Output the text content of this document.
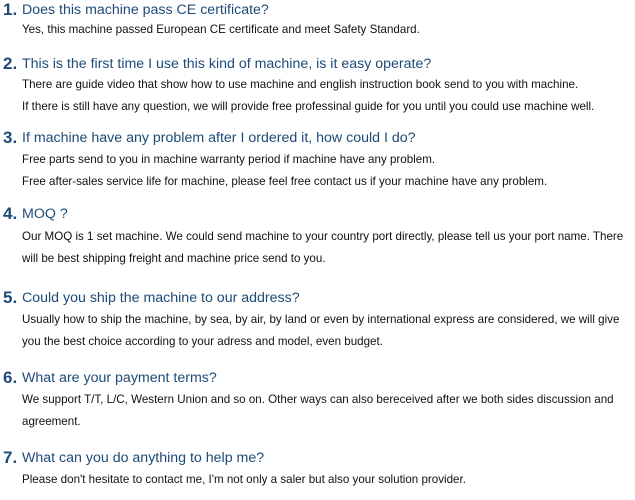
1. Does this machine pass CE certificate?
Yes, this machine passed European CE certificate and meet Safety Standard.
2. This is the first time I use this kind of machine, is it easy operate?
There are guide video that show how to use machine and english instruction book send to you with machine.
If there is still have any question, we will provide free professinal guide for you until you could use machine well.
3. If machine have any problem after I ordered it, how could I do?
Free parts send to you in machine warranty period if machine have any problem.
Free after-sales service life for machine, please feel free contact us if your machine have any problem.
4. MOQ ?
Our MOQ is 1 set machine. We could send machine to your country port directly, please tell us your port name. There
will be best shipping freight and machine price send to you.
5. Could you ship the machine to our address?
Usually how to ship the machine, by sea, by air, by land or even by international express are considered, we will give
you the best choice according to your adress and model, even budget.
6. What are your payment terms?
We support T/T, L/C, Western Union and so on. Other ways can also bereceived after we both sides discussion and
agreement.
7. What can you do anything to help me?
Please don't hesitate to contact me, I'm not only a saler but also your solution provider.
